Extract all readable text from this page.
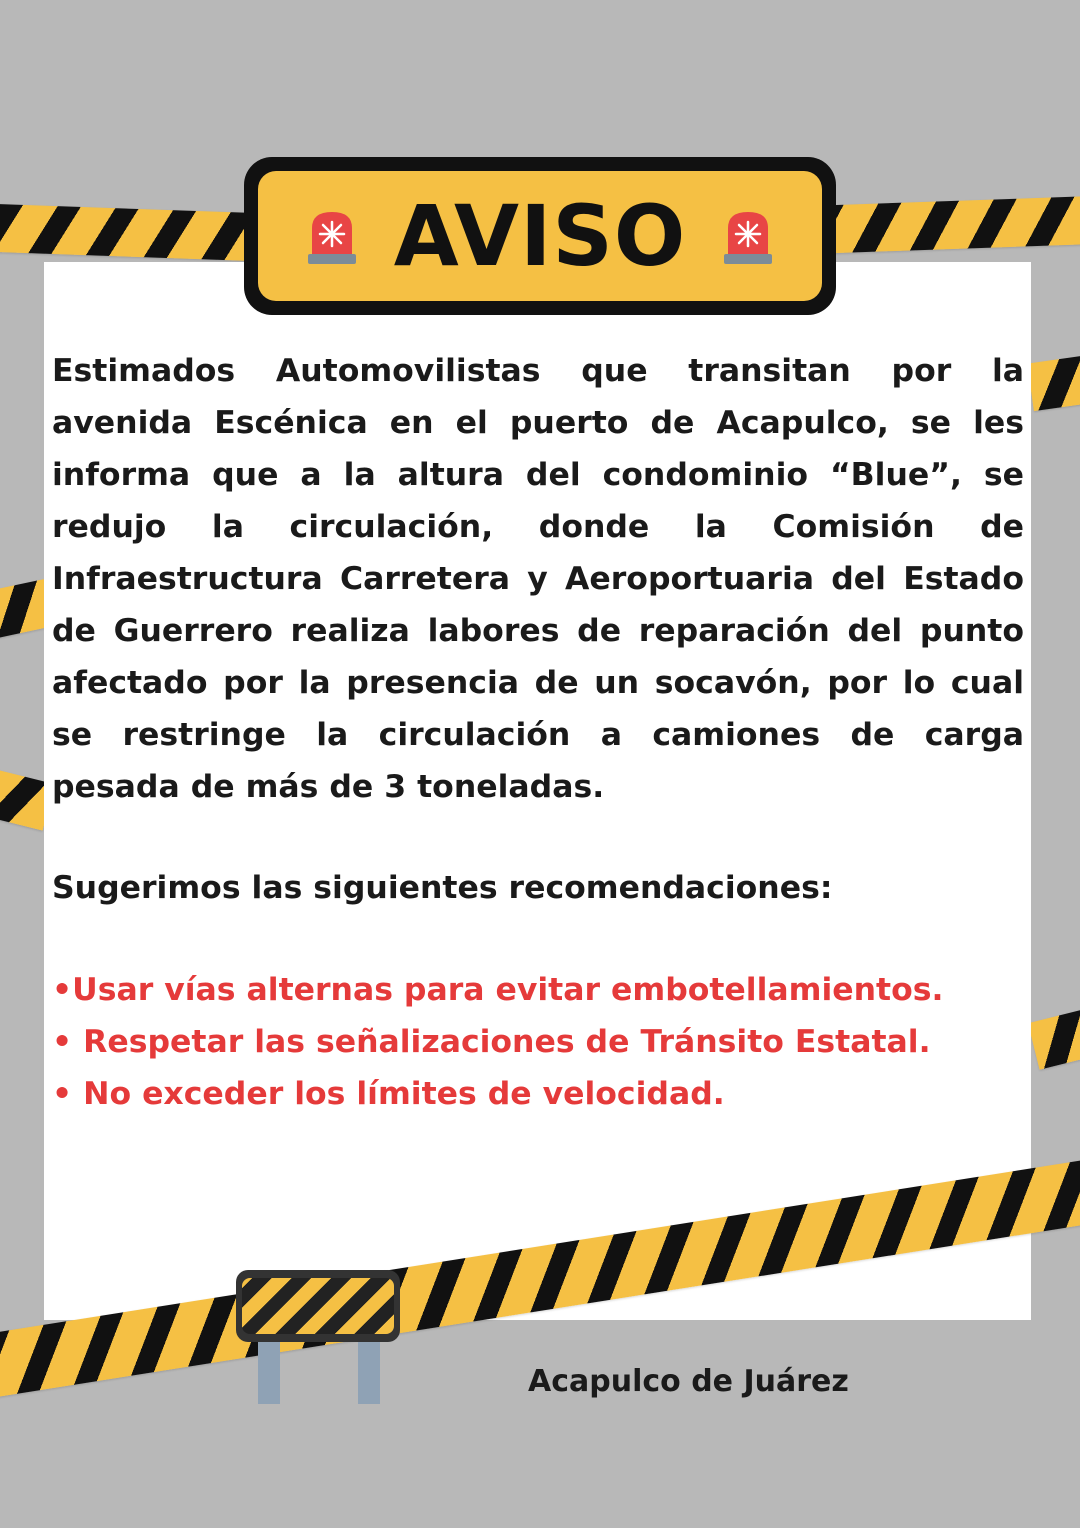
AVISO

Estimados Automovilistas que transitan por la avenida Escénica en el puerto de Acapulco, se les informa que a la altura del condominio “Blue”, se redujo la circulación, donde la Comisión de Infraestructura Carretera y Aeroportuaria del Estado de Guerrero realiza labores de reparación del punto afectado por la presencia de un socavón, por lo cual se restringe la circulación a camiones de carga pesada de más de 3 toneladas.

Sugerimos las siguientes recomendaciones:

•Usar vías alternas para evitar embotellamientos.
• Respetar las señalizaciones de Tránsito Estatal.
• No exceder los límites de velocidad.

Acapulco de Juárez
